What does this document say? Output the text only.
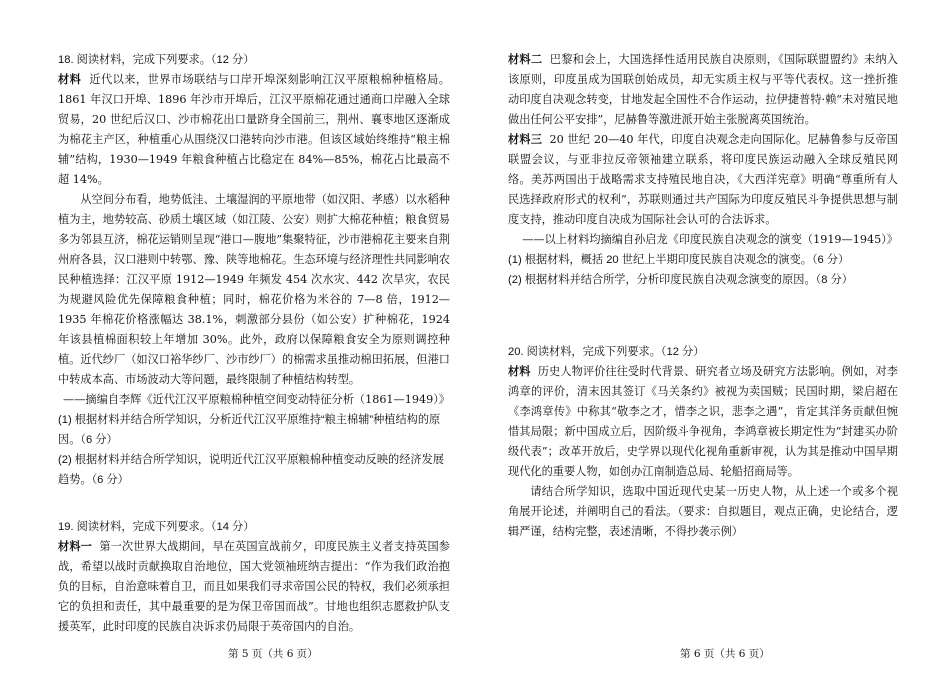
18. 阅读材料，完成下列要求。（12 分）

材料 近代以来，世界市场联结与口岸开埠深刻影响江汉平原粮棉种植格局。1861 年汉口开埠、1896 年沙市开埠后，江汉平原棉花通过通商口岸融入全球贸易，20 世纪后汉口、沙市棉花出口量跻身全国前三，荆州、襄枣地区逐渐成为棉花主产区，种植重心从围绕汉口港转向沙市港。但该区域始终维持“粮主棉辅”结构，1930—1949 年粮食种植占比稳定在 84%—85%，棉花占比最高不超 14%。

从空间分布看，地势低洼、土壤湿润的平原地带（如汉阳、孝感）以水稻种植为主，地势较高、砂质土壤区域（如江陵、公安）则扩大棉花种植；粮食贸易多为邻县互济，棉花运销则呈现“港口—腹地”集聚特征，沙市港棉花主要来自荆州府各县，汉口港则中转鄂、豫、陕等地棉花。生态环境与经济理性共同影响农民种植选择：江汉平原 1912—1949 年频发 454 次水灾、442 次旱灾，农民为规避风险优先保障粮食种植；同时，棉花价格为米谷的 7—8 倍，1912—1935 年棉花价格涨幅达 38.1%，刺激部分县份（如公安）扩种棉花，1924 年该县植棉面积较上年增加 30%。此外，政府以保障粮食安全为原则调控种植。近代纱厂（如汉口裕华纱厂、沙市纱厂）的棉需求虽推动棉田拓展，但港口中转成本高、市场波动大等问题，最终限制了种植结构转型。

——摘编自李辉《近代江汉平原粮棉种植空间变动特征分析（1861—1949）》

(1) 根据材料并结合所学知识，分析近代江汉平原维持“粮主棉辅”种植结构的原因。（6 分）

(2) 根据材料并结合所学知识，说明近代江汉平原粮棉种植变动反映的经济发展趋势。（6 分）

19. 阅读材料，完成下列要求。（14 分）

材料一 第一次世界大战期间，早在英国宣战前夕，印度民族主义者支持英国参战，希望以战时贡献换取自治地位，国大党领袖班纳吉提出：“作为我们政治抱负的目标，自治意味着自卫，而且如果我们寻求帝国公民的特权，我们必须承担它的负担和责任，其中最重要的是为保卫帝国而战”。甘地也组织志愿救护队支援英军，此时印度的民族自决诉求仍局限于英帝国内的自治。

材料二 巴黎和会上，大国选择性适用民族自决原则，《国际联盟盟约》未纳入该原则，印度虽成为国联创始成员，却无实质主权与平等代表权。这一挫折推动印度自决观念转变，甘地发起全国性不合作运动，拉伊捷普特·赖“未对殖民地做出任何公平安排”，尼赫鲁等激进派开始主张脱离英国统治。

材料三 20 世纪 20—40 年代，印度自决观念走向国际化。尼赫鲁参与反帝国联盟会议，与亚非拉反帝领袖建立联系，将印度民族运动融入全球反殖民网络。美苏两国出于战略需求支持殖民地自决，《大西洋宪章》明确“尊重所有人民选择政府形式的权利”，苏联则通过共产国际为印度反殖民斗争提供思想与制度支持，推动印度自决成为国际社会认可的合法诉求。

——以上材料均摘编自孙启龙《印度民族自决观念的演变（1919—1945）》

(1) 根据材料，概括 20 世纪上半期印度民族自决观念的演变。（6 分）

(2) 根据材料并结合所学，分析印度民族自决观念演变的原因。（8 分）

20. 阅读材料，完成下列要求。（12 分）

材料 历史人物评价往往受时代背景、研究者立场及研究方法影响。例如，对李鸿章的评价，清末因其签订《马关条约》被视为卖国贼；民国时期，梁启超在《李鸿章传》中称其“敬李之才，惜李之识，悲李之遇”，肯定其洋务贡献但惋惜其局限；新中国成立后，因阶级斗争视角，李鸿章被长期定性为“封建买办阶级代表”；改革开放后，史学界以现代化视角重新审视，认为其是推动中国早期现代化的重要人物，如创办江南制造总局、轮船招商局等。

请结合所学知识，选取中国近现代史某一历史人物，从上述一个或多个视角展开论述，并阐明自己的看法。（要求：自拟题目，观点正确，史论结合，逻辑严谨，结构完整，表述清晰，不得抄袭示例）

第 5 页（共 6 页）	第 6 页（共 6 页）
